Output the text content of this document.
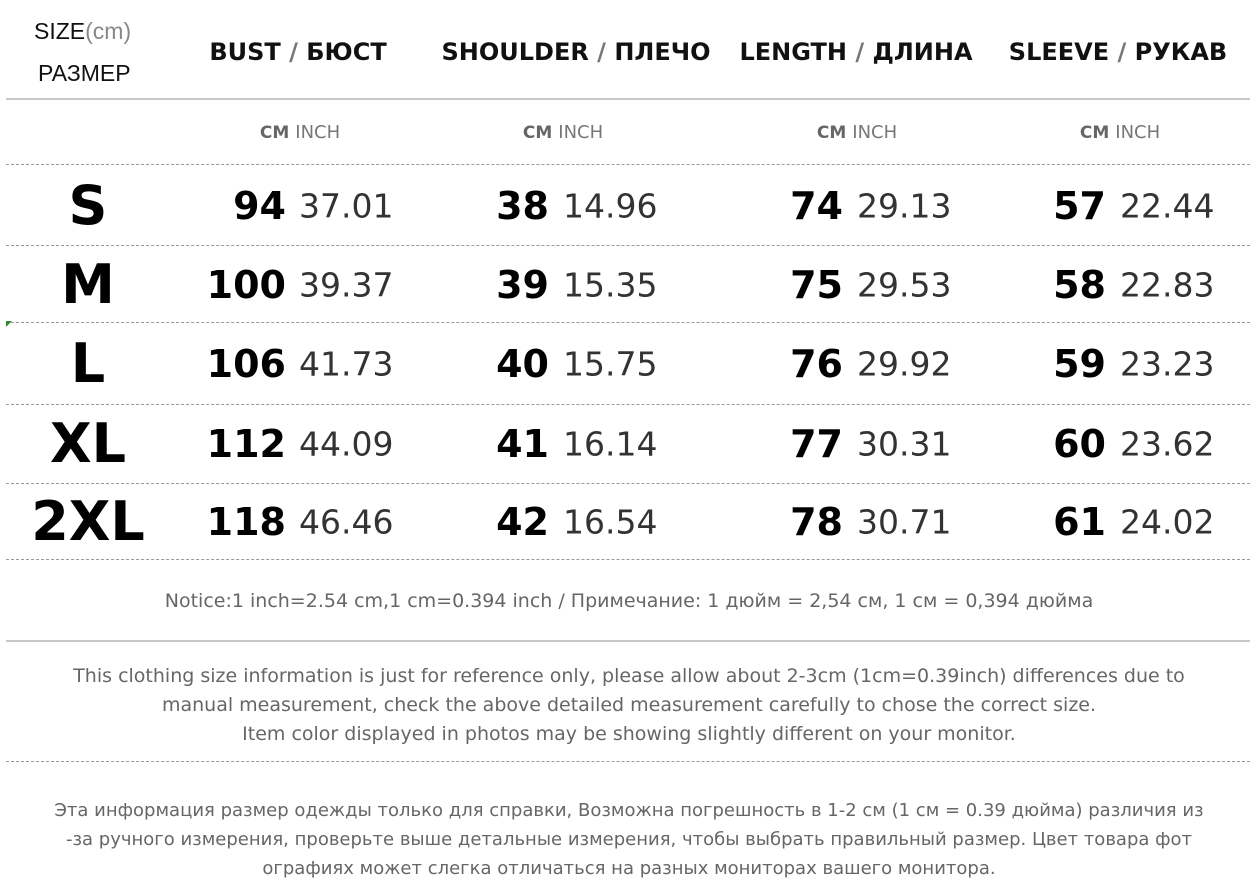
SIZE(cm)
РАЗМЕР
BUST / БЮСТ SHOULDER / ПЛЕЧО LENGTH / ДЛИНА SLEEVE / РУКАВ
CM INCH	CM INCH	CM INCH	CM INCH
S	94 37.01	38 14.96	74 29.13	57 22.44
M	100 39.37	39 15.35	75 29.53	58 22.83
L	106 41.73	40 15.75	76 29.92	59 23.23
XL	112 44.09	41 16.14	77 30.31	60 23.62
2XL	118 46.46	42 16.54	78 30.71	61 24.02
Notice:1 inch=2.54 cm,1 cm=0.394 inch / Примечание: 1 дюйм = 2,54 см, 1 см = 0,394 дюйма
This clothing size information is just for reference only, please allow about 2-3cm (1cm=0.39inch) differences due to
manual measurement, check the above detailed measurement carefully to chose the correct size.
Item color displayed in photos may be showing slightly different on your monitor.
Эта информация размер одежды только для справки, Возможна погрешность в 1-2 см (1 см = 0.39 дюйма) различия из
-за ручного измерения, проверьте выше детальные измерения, чтобы выбрать правильный размер. Цвет товара фот
ографиях может слегка отличаться на разных мониторах вашего монитора.
